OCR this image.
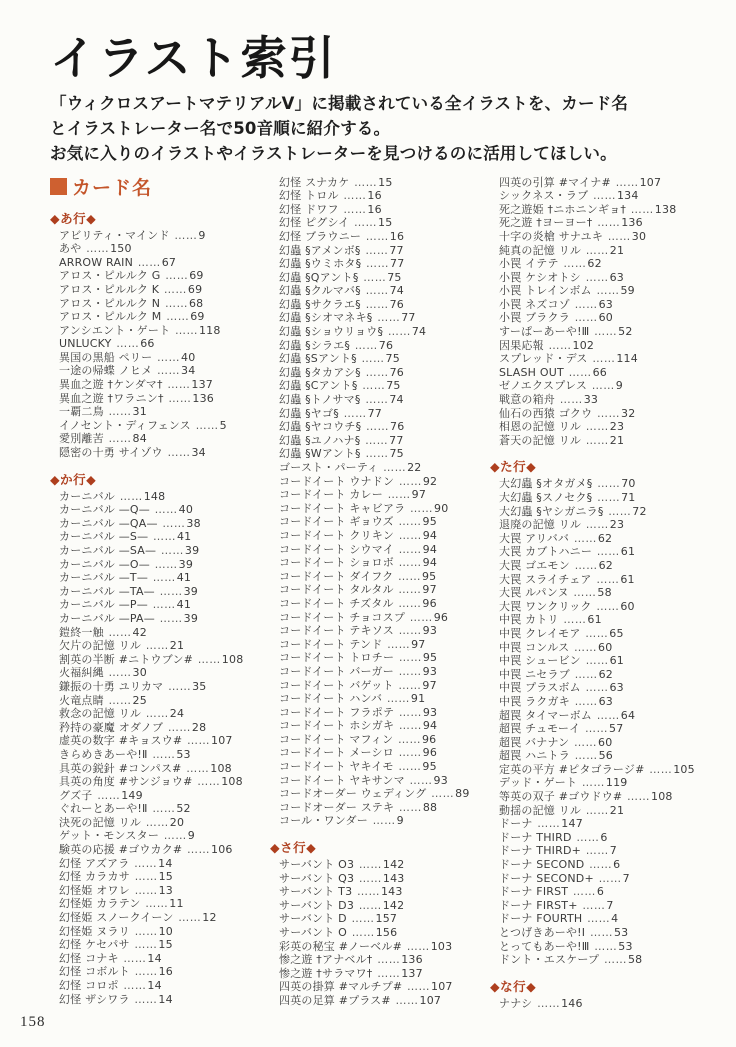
イラスト索引

「ウィクロスアートマテリアルV」に掲載されている全イラストを、カード名

とイラストレーター名で50音順に紹介する。

お気に入りのイラストやイラストレーターを見つけるのに活用してほしい。

カード名
◆あ行◆
アビリティ・マインド ……9
あや ……150
ARROW RAIN ……67
アロス・ピルルク G ……69
アロス・ピルルク K ……69
アロス・ピルルク N ……68
アロス・ピルルク M ……69
アンシエント・ゲート ……118
UNLUCKY ……66
異国の黒船 ペリー ……40
一途の帰蝶 ノヒメ ……34
異血之遊 †ケンダマ† ……137
異血之遊 †ワラニン† ……136
一覇二鳥 ……31
イノセント・ディフェンス ……5
愛別離苦 ……84
隠密の十勇 サイゾウ ……34
◆か行◆
カーニバル ……148
カーニバル —Q— ……40
カーニバル —QA— ……38
カーニバル —S— ……41
カーニバル —SA— ……39
カーニバル —O— ……39
カーニバル —T— ……41
カーニバル —TA— ……39
カーニバル —P— ……41
カーニバル —PA— ……39
鎧終一触 ……42
欠片の記憶 リル ……21
割英の半断 #ニトウブン# ……108
火福糾縄 ……30
鎌振の十勇 ユリカマ ……35
火竜点睛 ……25
救念の記憶 リル ……24
矜持の豪魔 オダノブ ……28
虚英の数字 #キョスウ# ……107
きらめきあーや!Ⅱ ……53
具英の鋭針 #コンパス# ……108
具英の角度 #サンジョウ# ……108
グズ子 ……149
ぐれーとあーや!Ⅱ ……52
決死の記憶 リル ……20
ゲット・モンスター ……9
験英の応援 #ゴウカク# ……106
幻怪 アズアラ ……14
幻怪 カラカサ ……15
幻怪姫 オワレ ……13
幻怪姫 カラテン ……11
幻怪姫 スノークイーン ……12
幻怪姫 ヌラリ ……10
幻怪 ケセパサ ……15
幻怪 コナキ ……14
幻怪 コボルト ……16
幻怪 コロポ ……14
幻怪 ザシワラ ……14
幻怪 スナカケ ……15
幻怪 トロル ……16
幻怪 ドワフ ……16
幻怪 ピグシイ ……15
幻怪 ブラウニー ……16
幻蟲 §アメンボ§ ……77
幻蟲 §ウミホタ§ ……77
幻蟲 §Qアント§ ……75
幻蟲 §クルマバ§ ……74
幻蟲 §サクラエ§ ……76
幻蟲 §シオマネキ§ ……77
幻蟲 §ショウリョウ§ ……74
幻蟲 §シラエ§ ……76
幻蟲 §Sアント§ ……75
幻蟲 §タカアシ§ ……76
幻蟲 §Cアント§ ……75
幻蟲 §トノサマ§ ……74
幻蟲 §ヤゴ§ ……77
幻蟲 §ヤコウチ§ ……76
幻蟲 §ユノハナ§ ……77
幻蟲 §Wアント§ ……75
ゴースト・パーティ ……22
コードイート ウナドン ……92
コードイート カレー ……97
コードイート キャビアラ ……90
コードイート ギョウズ ……95
コードイート クリキン ……94
コードイート シウマイ ……94
コードイート ショロボ ……94
コードイート ダイフク ……95
コードイート タルタル ……97
コードイート チズタル ……96
コードイート チョコスプ ……96
コードイート テキソス ……93
コードイート テンド ……97
コードイート トロチー ……95
コードイート バーガー ……93
コードイート バゲット ……97
コードイート ハンバ ……91
コードイート フラポテ ……93
コードイート ホシガキ ……94
コードイート マフィン ……96
コードイート メーシロ ……96
コードイート ヤキイモ ……95
コードイート ヤキサンマ ……93
コードオーダー ウェディング ……89
コードオーダー ステキ ……88
コール・ワンダー ……9
◆さ行◆
サーバント O3 ……142
サーバント Q3 ……143
サーバント T3 ……143
サーバント D3 ……142
サーバント D ……157
サーバント O ……156
彩英の秘宝 #ノーベル# ……103
惨之遊 †アナベル† ……136
惨之遊 †サラマワ† ……137
四英の掛算 #マルチプ# ……107
四英の足算 #プラス# ……107
四英の引算 #マイナ# ……107
シックネス・ラブ ……134
死之遊姫 †ニホニンギョ† ……138
死之遊 †ヨーヨー† ……136
十字の炎槍 サナユキ ……30
純真の記憶 リル ……21
小罠 イテテ ……62
小罠 ケシオトシ ……63
小罠 トレインボム ……59
小罠 ネズコゾ ……63
小罠 ブラクラ ……60
すーぱーあーや!Ⅲ ……52
因果応報 ……102
スプレッド・デス ……114
SLASH OUT ……66
ゼノエクスプレス ……9
戦意の箱舟 ……33
仙石の西猿 ゴクウ ……32
相恩の記憶 リル ……23
蒼天の記憶 リル ……21
◆た行◆
大幻蟲 §オタガメ§ ……70
大幻蟲 §スノセク§ ……71
大幻蟲 §ヤシガニラ§ ……72
退廃の記憶 リル ……23
大罠 アリババ ……62
大罠 カブトハニー ……61
大罠 ゴエモン ……62
大罠 スライチェア ……61
大罠 ルパンヌ ……58
大罠 ワンクリック ……60
中罠 カトリ ……61
中罠 クレイモア ……65
中罠 コンルス ……60
中罠 シュービン ……61
中罠 ニセラブ ……62
中罠 プラスボム ……63
中罠 ラクガキ ……63
超罠 タイマーボム ……64
超罠 チュモーイ ……57
超罠 バナナン ……60
超罠 ハニトラ ……56
定英の平方 #ピタゴラージ# ……105
デッド・ゲート ……119
等英の双子 #ゴウドウ# ……108
動揺の記憶 リル ……21
ドーナ ……147
ドーナ THIRD ……6
ドーナ THIRD+ ……7
ドーナ SECOND ……6
ドーナ SECOND+ ……7
ドーナ FIRST ……6
ドーナ FIRST+ ……7
ドーナ FOURTH ……4
とつげきあーや!Ⅰ ……53
とってもあーや!Ⅲ ……53
ドント・エスケープ ……58
◆な行◆
ナナシ ……146
158
